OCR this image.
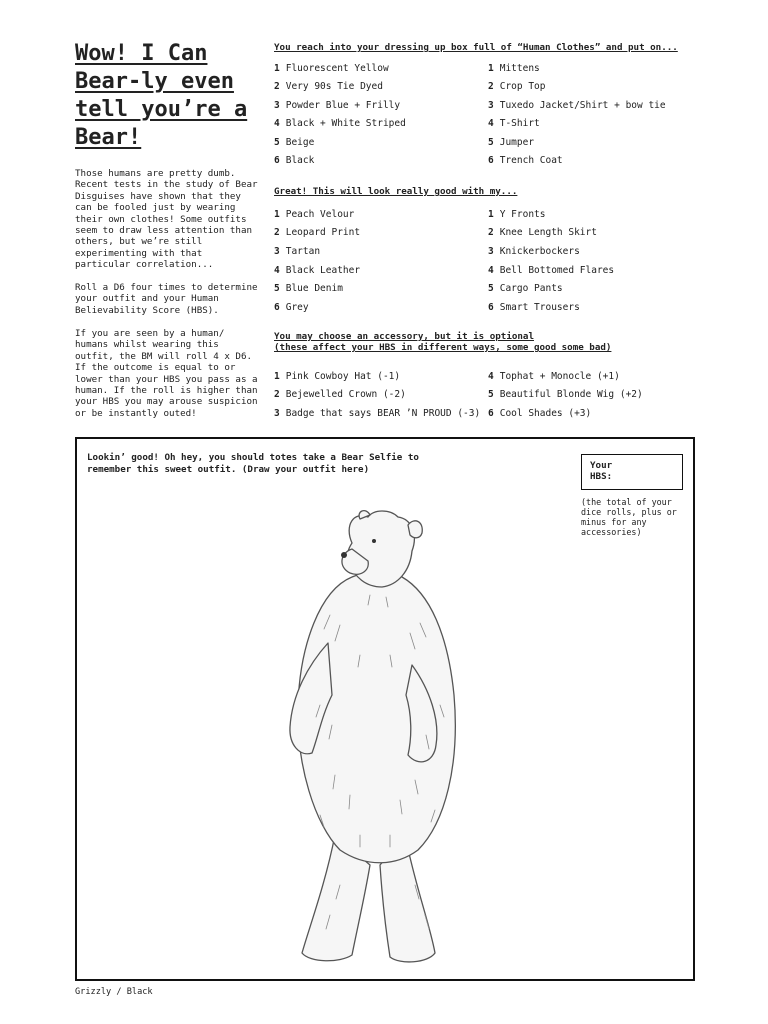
Wow! I Can Bear-ly even tell you’re a Bear!

Those humans are pretty dumb. Recent tests in the study of Bear Disguises have shown that they can be fooled just by wearing their own clothes! Some outfits seem to draw less attention than others, but we’re still experimenting with that particular correlation...

Roll a D6 four times to determine your outfit and your Human Believability Score (HBS).

If you are seen by a human/ humans whilst wearing this outfit, the BM will roll 4 x D6. If the outcome is equal to or lower than your HBS you pass as a human. If the roll is higher than your HBS you may arouse suspicion or be instantly outed!

You reach into your dressing up box full of “Human Clothes” and put on...

1 Fluorescent Yellow
2 Very 90s Tie Dyed
3 Powder Blue + Frilly
4 Black + White Striped
5 Beige
6 Black
1 Mittens
2 Crop Top
3 Tuxedo Jacket/Shirt + bow tie
4 T-Shirt
5 Jumper
6 Trench Coat

Great! This will look really good with my...

1 Peach Velour
2 Leopard Print
3 Tartan
4 Black Leather
5 Blue Denim
6 Grey
1 Y Fronts
2 Knee Length Skirt
3 Knickerbockers
4 Bell Bottomed Flares
5 Cargo Pants
6 Smart Trousers

You may choose an accessory, but it is optional

(these affect your HBS in different ways, some good some bad)

1 Pink Cowboy Hat (-1)
2 Bejewelled Crown (-2)
3 Badge that says BEAR ’N PROUD (-3)
4 Tophat + Monocle (+1)
5 Beautiful Blonde Wig (+2)
6 Cool Shades (+3)

Lookin’ good! Oh hey, you should totes take a Bear Selfie to remember this sweet outfit. (Draw your outfit here)	Your
HBS:

(the total of your dice rolls, plus or minus for any accessories)

Grizzly / Black
